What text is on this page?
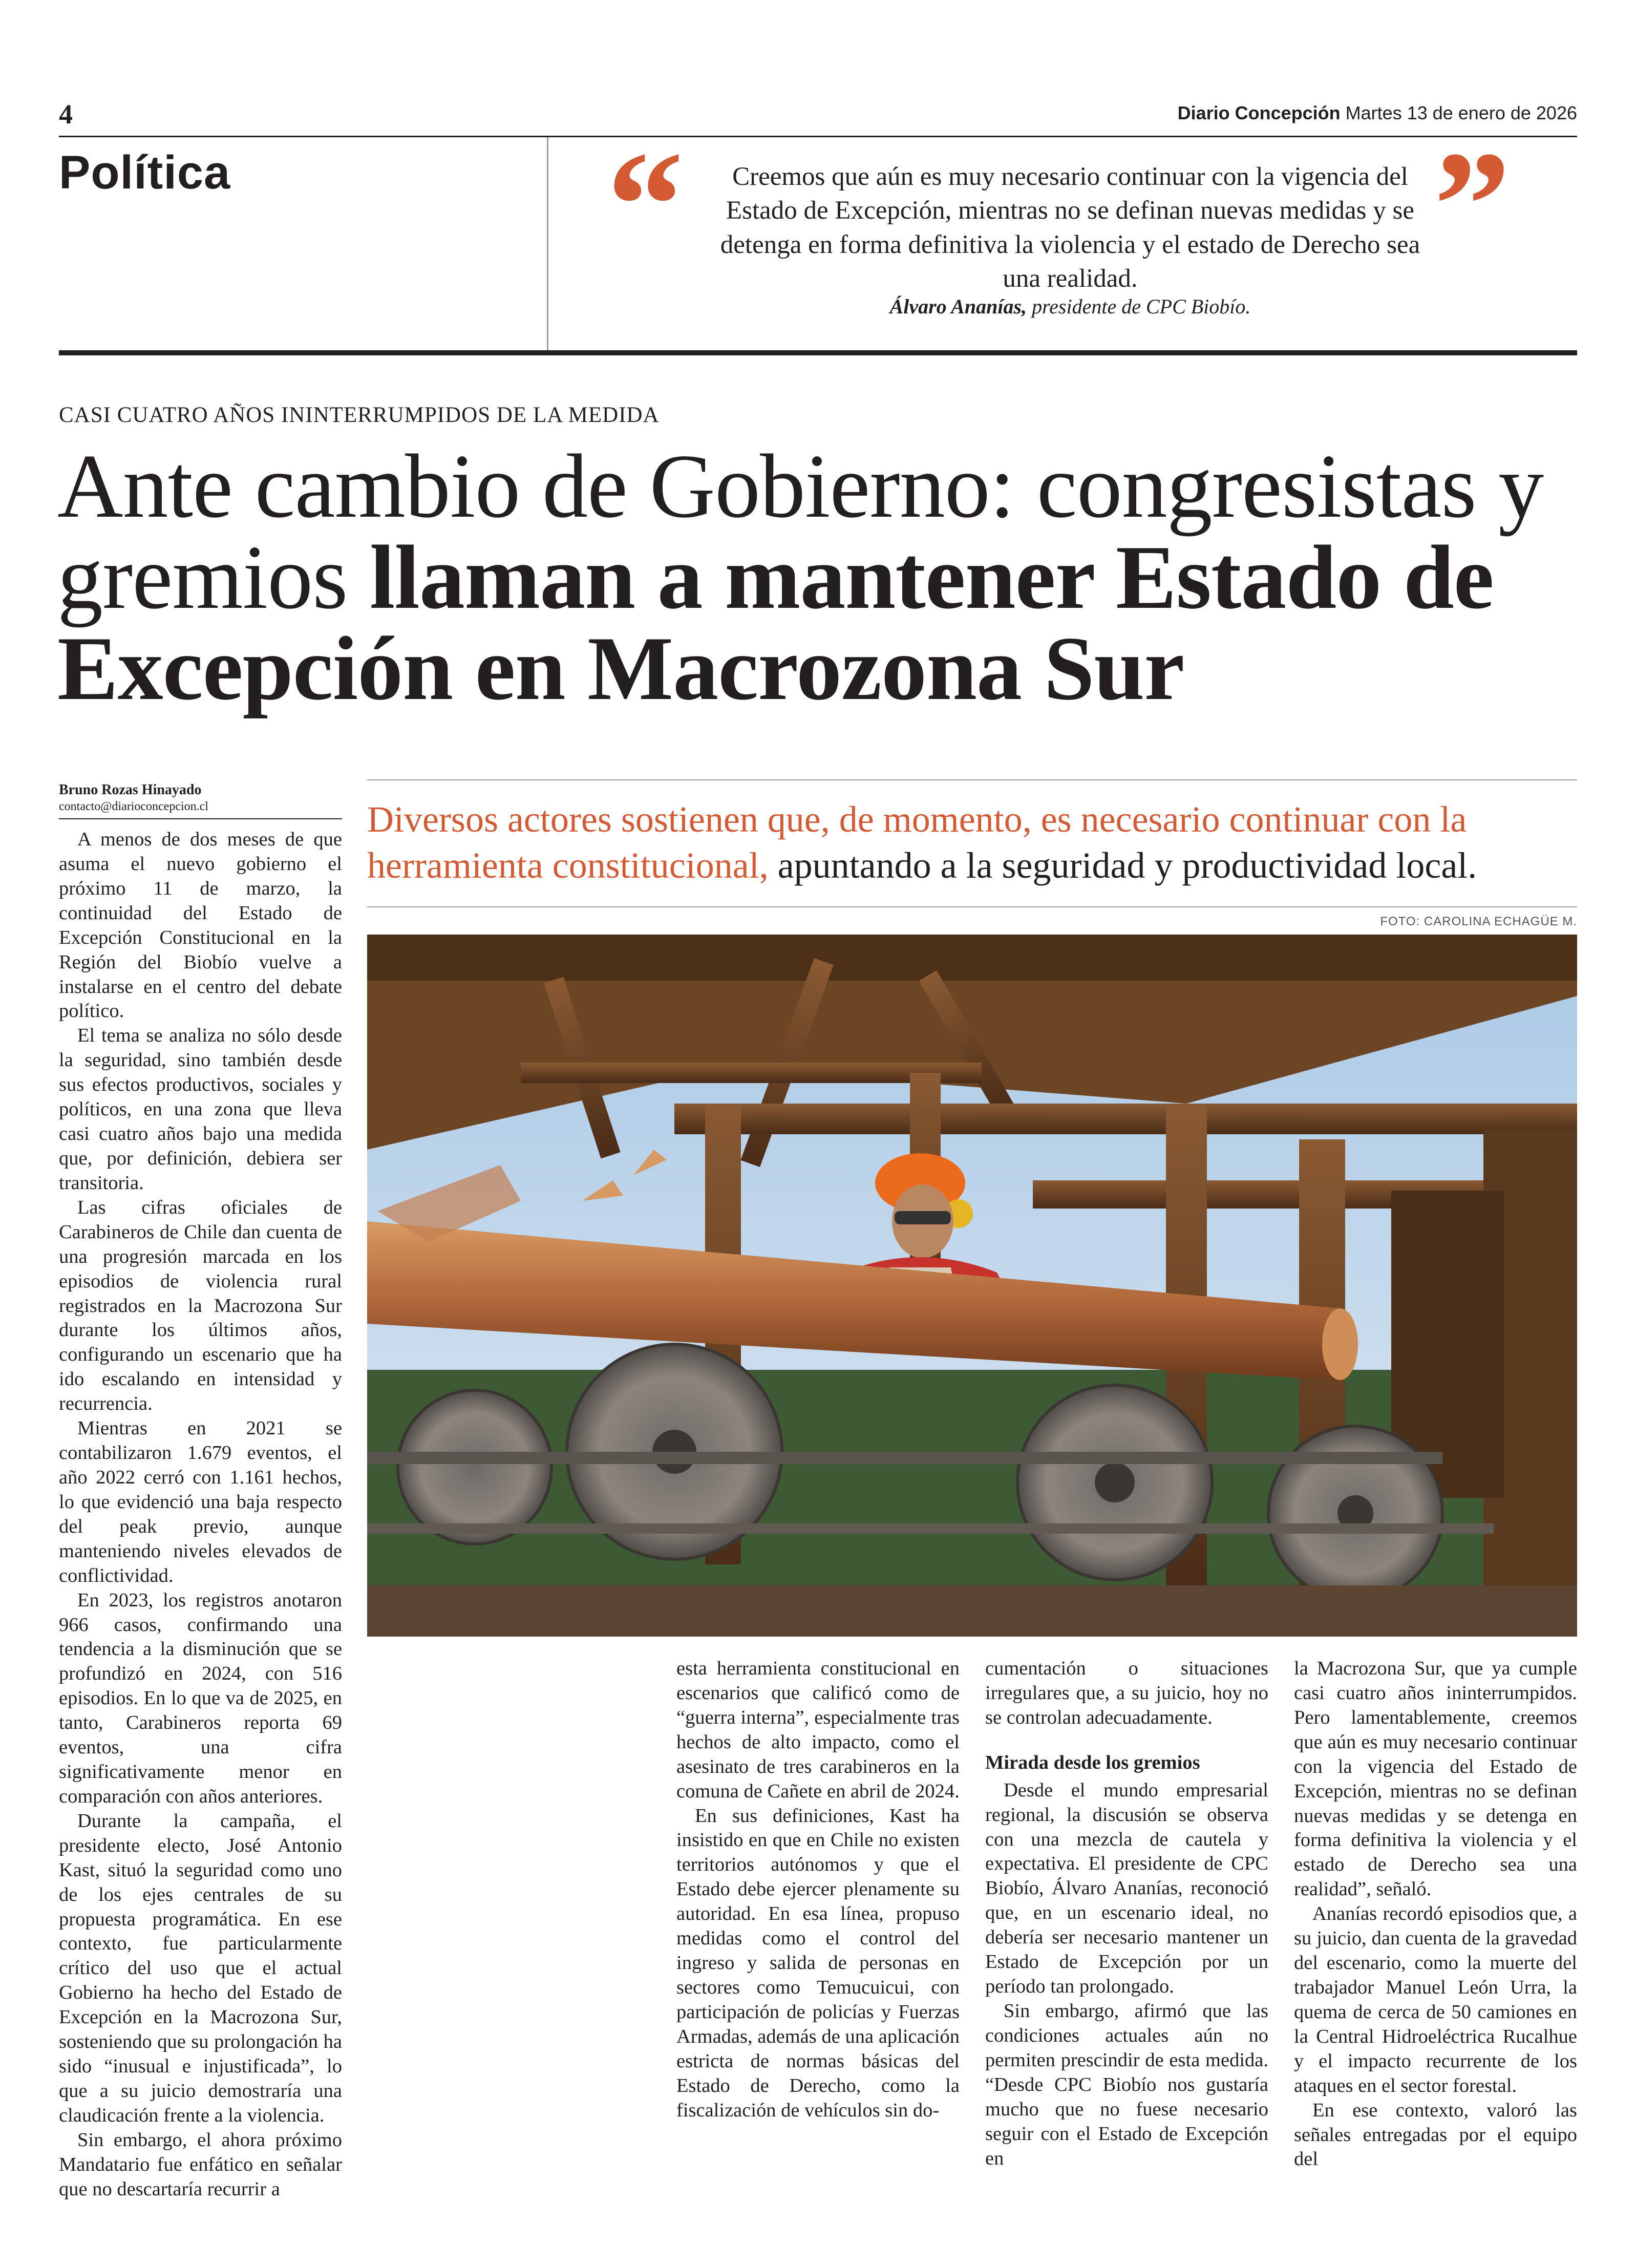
4	Diario Concepción Martes 13 de enero de 2026
Política “	Creemos que aún es muy necesario continuar con la vigencia del Estado de Excepción, mientras no se definan nuevas medidas y se detenga en forma definitiva la violencia y el estado de Derecho sea una realidad.
Álvaro Ananías, presidente de CPC Biobío.
”
CASI CUATRO AÑOS ININTERRUMPIDOS DE LA MEDIDA
Ante cambio de Gobierno: congresistas y gremios llaman a mantener Estado de Excepción en Macrozona Sur
Bruno Rozas Hinayado
contacto@diarioconcepcion.cl	Diversos actores sostienen que, de momento, es necesario continuar con la herramienta constitucional, apuntando a la seguridad y productividad local.
FOTO: CAROLINA ECHAGÜE M.

A menos de dos meses de que asuma el nuevo gobierno el próximo 11 de marzo, la continuidad del Estado de Excepción Constitucional en la Región del Biobío vuelve a instalarse en el centro del debate político.

El tema se analiza no sólo desde la seguridad, sino también desde sus efectos productivos, sociales y políticos, en una zona que lleva casi cuatro años bajo una medida que, por definición, debiera ser transitoria.

Las cifras oficiales de Carabineros de Chile dan cuenta de una progresión marcada en los episodios de violencia rural registrados en la Macrozona Sur durante los últimos años, configurando un escenario que ha ido escalando en intensidad y recurrencia.

Mientras en 2021 se contabilizaron 1.679 eventos, el año 2022 cerró con 1.161 hechos, lo que evidenció una baja respecto del peak previo, aunque manteniendo niveles elevados de conflictividad.

En 2023, los registros anotaron 966 casos, confirmando una tendencia a la disminución que se profundizó en 2024, con 516 episodios. En lo que va de 2025, en tanto, Carabineros reporta 69 eventos, una cifra significativamente menor en comparación con años anteriores.

Durante la campaña, el presidente electo, José Antonio Kast, situó la seguridad como uno de los ejes centrales de su propuesta programática. En ese contexto, fue particularmente crítico del uso que el actual Gobierno ha hecho del Estado de Excepción en la Macrozona Sur, sosteniendo que su prolongación ha sido “inusual e injustificada”, lo que a su juicio demostraría una claudicación frente a la violencia.

Sin embargo, el ahora próximo Mandatario fue enfático en señalar que no descartaría recurrir a

esta herramienta constitucional en escenarios que calificó como de “guerra interna”, especialmente tras hechos de alto impacto, como el asesinato de tres carabineros en la comuna de Cañete en abril de 2024.

En sus definiciones, Kast ha insistido en que en Chile no existen territorios autónomos y que el Estado debe ejercer plenamente su autoridad. En esa línea, propuso medidas como el control del ingreso y salida de personas en sectores como Temucuicui, con participación de policías y Fuerzas Armadas, además de una aplicación estricta de normas básicas del Estado de Derecho, como la fiscalización de vehículos sin do-

cumentación o situaciones irregulares que, a su juicio, hoy no se controlan adecuadamente.

Mirada desde los gremios

Desde el mundo empresarial regional, la discusión se observa con una mezcla de cautela y expectativa. El presidente de CPC Biobío, Álvaro Ananías, reconoció que, en un escenario ideal, no debería ser necesario mantener un Estado de Excepción por un período tan prolongado.

Sin embargo, afirmó que las condiciones actuales aún no permiten prescindir de esta medida. “Desde CPC Biobío nos gustaría mucho que no fuese necesario seguir con el Estado de Excepción en

la Macrozona Sur, que ya cumple casi cuatro años ininterrumpidos. Pero lamentablemente, creemos que aún es muy necesario continuar con la vigencia del Estado de Excepción, mientras no se definan nuevas medidas y se detenga en forma definitiva la violencia y el estado de Derecho sea una realidad”, señaló.

Ananías recordó episodios que, a su juicio, dan cuenta de la gravedad del escenario, como la muerte del trabajador Manuel León Urra, la quema de cerca de 50 camiones en la Central Hidroeléctrica Rucalhue y el impacto recurrente de los ataques en el sector forestal.

En ese contexto, valoró las señales entregadas por el equipo del
